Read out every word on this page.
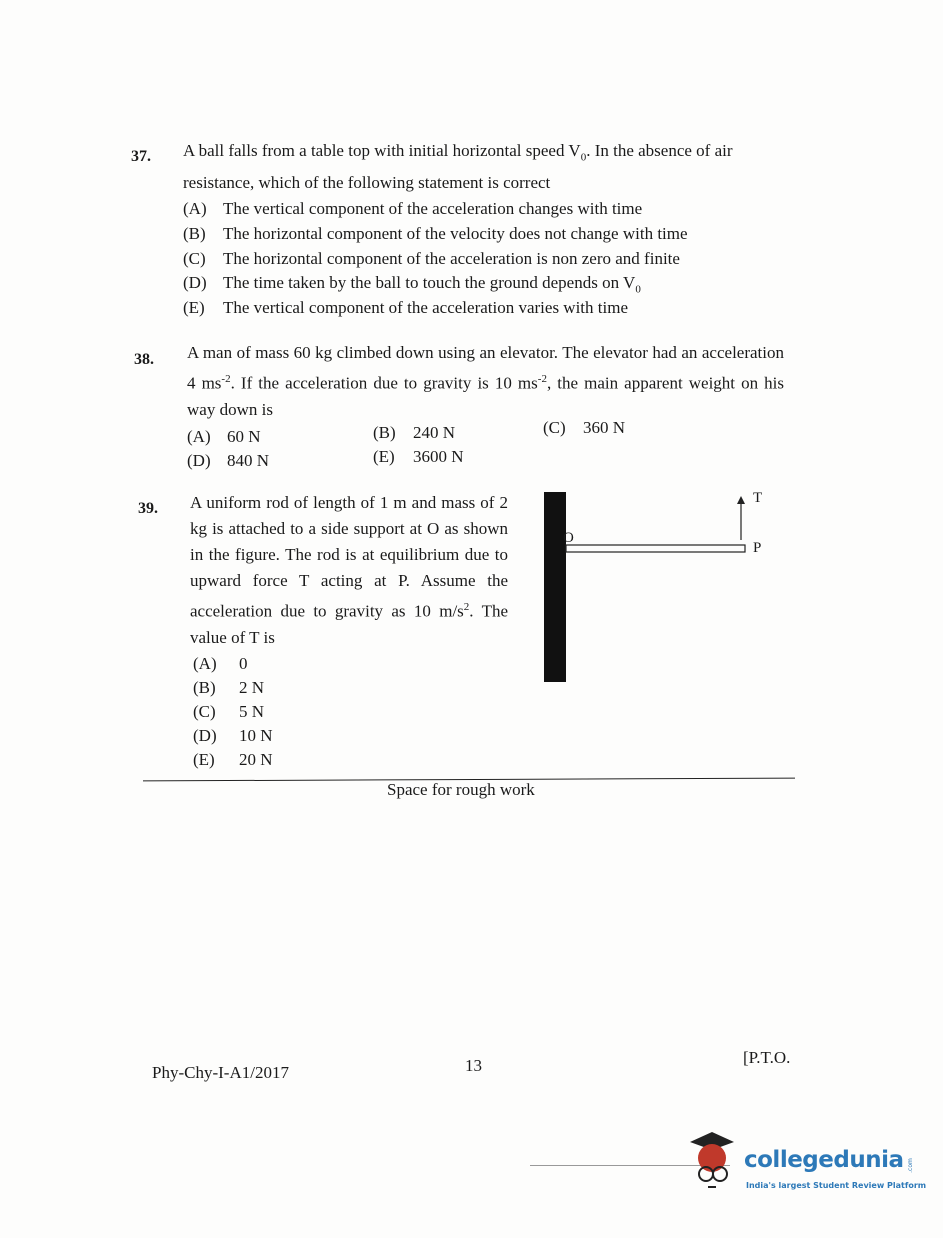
37. A ball falls from a table top with initial horizontal speed $V_0$. In the absence of air resistance, which of the following statement is correct
(A) The vertical component of the acceleration changes with time
(B) The horizontal component of the velocity does not change with time
(C) The horizontal component of the acceleration is non zero and finite
(D) The time taken by the ball to touch the ground depends on $V_0$
(E) The vertical component of the acceleration varies with time
38. A man of mass 60 kg climbed down using an elevator. The elevator had an acceleration 4 $ms^{-2}$. If the acceleration due to gravity is 10 $ms^{-2}$, the main apparent weight on his way down is
(A) 60 N	(B) 240 N	(C) 360 N
(D) 840 N	(E) 3600 N
39. A uniform rod of length of 1 m and mass of 2 kg is attached to a side support at O as shown in the figure. The rod is at equilibrium due to upward force T acting at P. Assume the acceleration due to gravity as 10 $m/s^2$. The value of T is
(A) 0
(B) 2 N
(C) 5 N
(D) 10 N
(E) 20 N
O
T
P
Space for rough work
Phy-Chy-I-A1/2017	13	[P.T.O.
collegedunia .com
India's largest Student Review Platform
